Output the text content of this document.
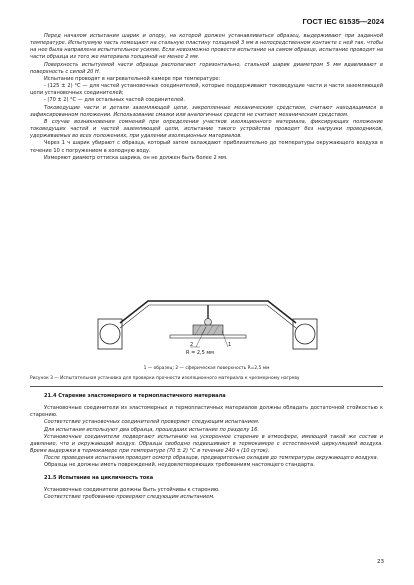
ГОСТ IEC 61535—2024

Перед началом испытания шарик и опору, на которой должен устанавливаться образец, выдерживают при заданной температуре. Испытуемую часть помещают на стальную пластину толщиной 3 мм в непосредственном контакте с ней так, чтобы на нее была направлена испытательное усилие. Если невозможно провести испытание на самом образце, испытание проводят на части образца из того же материала толщиной не менее 2 мм.

Поверхность испытуемой части образца располагают горизонтально, стальной шарик диаметром 5 мм вдавливают в поверхность с силой 20 Н.

Испытание проводят в нагревательной камере при температуре:

- (125 ± 2) °C — для частей установочных соединителей, которые поддерживают токоведущие части и части заземляющей цепи установочных соединителей;

- (70 ± 2) °C — для остальных частей соединителей.

Токоведущие части и детали заземляющей цепи, закрепленные механическим средством, считают находящимися в зафиксированном положении. Использование смазки или аналогичных средств не считают механическим средством.

В случае возникновения сомнений при определении участков изоляционного материала, фиксирующих положение токоведущих частей и частей заземляющей цепи, испытание такого устройства проводят без нагрузки проводников, удерживаемых во всех положениях, при удалении изоляционных материалов.

Через 1 ч шарик убирают с образца, который затем охлаждают приблизительно до температуры окружающего воздуха в течение 10 с погружением в холодную воду.

Измеряют диаметр оттиска шарика, он не должен быть более 2 мм.

2	1
R = 2,5 мм
1 — образец; 2 — сферическая поверхность R=2,5 мм
Рисунок 3 — Испытательная установка для проверки прочности изоляционного материала к чрезмерному нагреву

21.4 Старение эластомерного и термопластичного материала

Установочные соединители из эластомерных и термопластичных материалов должны обладать достаточной стойкостью к старению.

Соответствие установочных соединителей проверяют следующим испытанием.

Для испытания используют два образца, прошедших испытание по разделу 16.

Установочные соединители подвергают испытанию на ускоренное старение в атмосфере, имеющей такой же состав и давление, что и окружающий воздух. Образцы свободно подвешивают в термокамере с естественной циркуляцией воздуха. Время выдержки в термокамере при температуре (70 ± 2) °C в течение 240 ч (10 суток).

После проведения испытания проводят осмотр образцов, предварительно охладив до температуры окружающего воздуха.

Образцы не должны иметь повреждений, неудовлетворяющих требованиям настоящего стандарта.

21.5 Испытание на цикличность тока

Установочные соединители должны быть устойчивы к старению.

Соответствие требованию проверяют следующим испытанием.

23
